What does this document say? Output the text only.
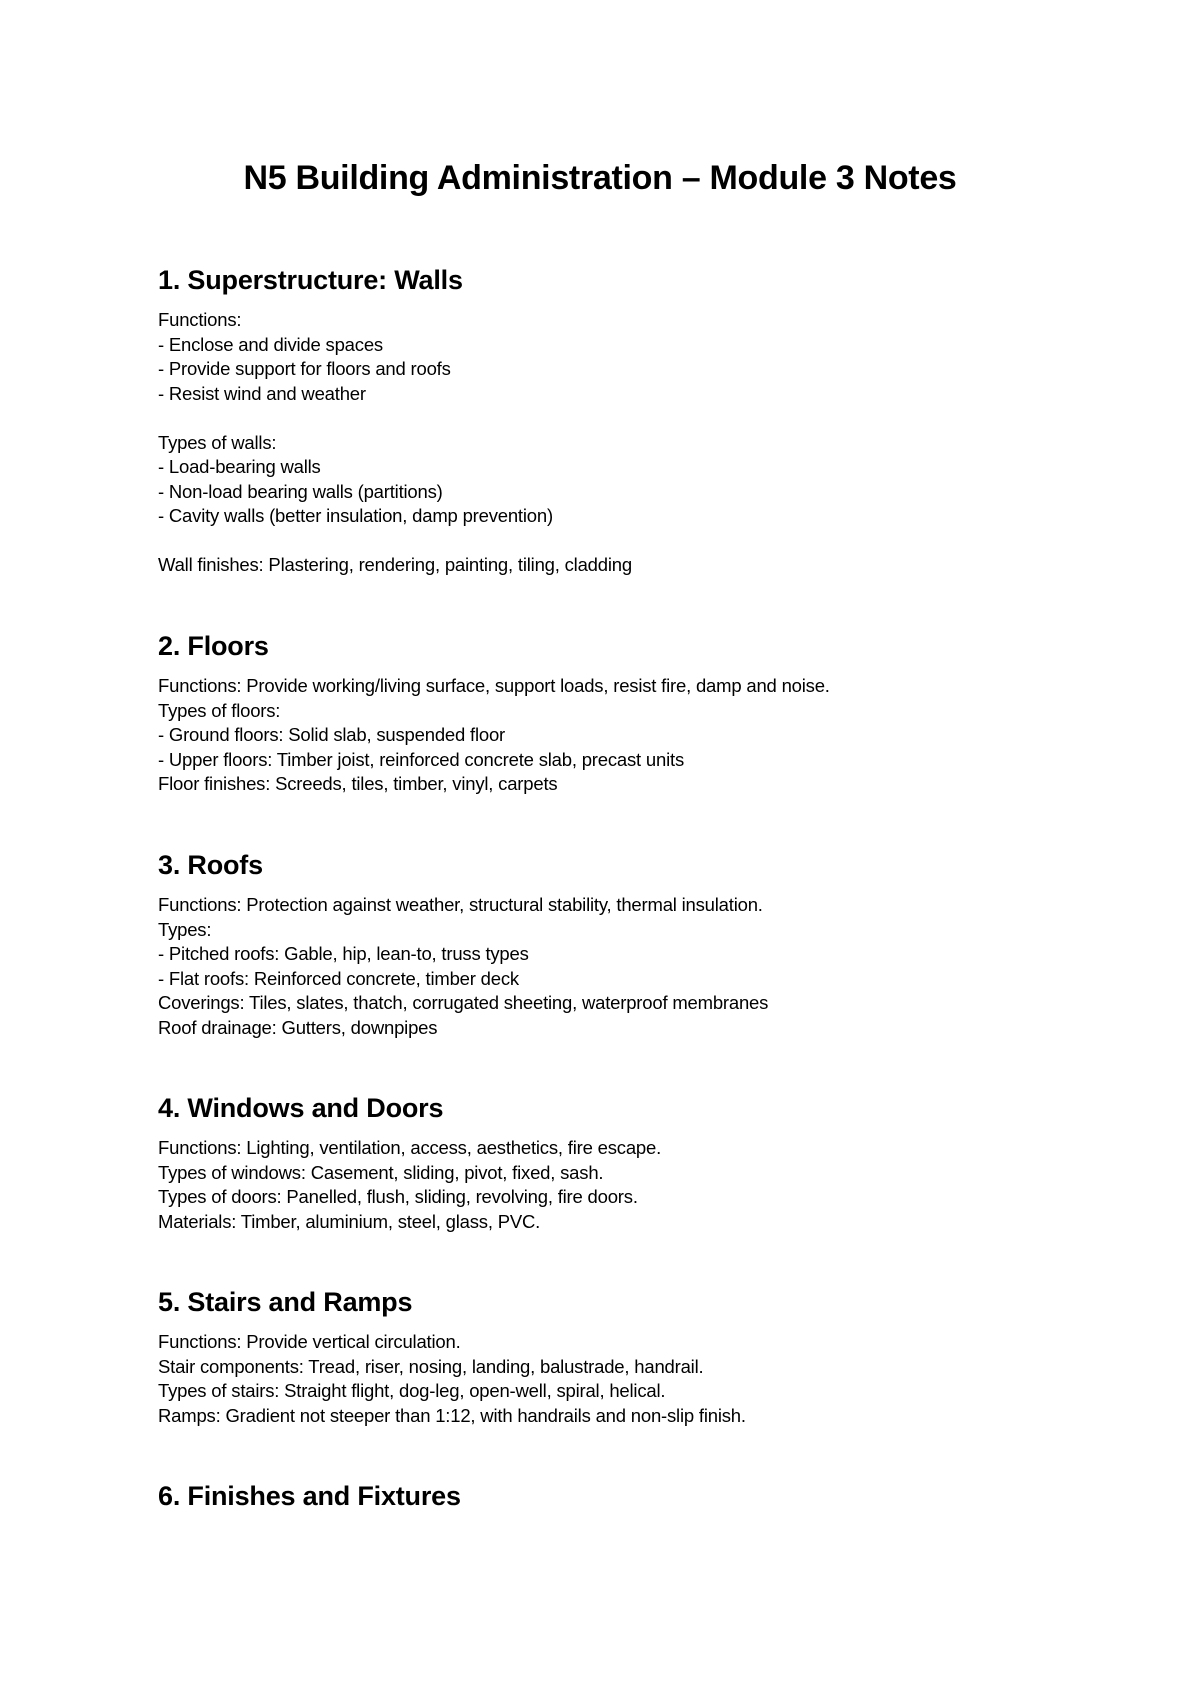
N5 Building Administration – Module 3 Notes
1. Superstructure: Walls
Functions:
- Enclose and divide spaces
- Provide support for floors and roofs
- Resist wind and weather
Types of walls:
- Load-bearing walls
- Non-load bearing walls (partitions)
- Cavity walls (better insulation, damp prevention)
Wall finishes: Plastering, rendering, painting, tiling, cladding
2. Floors
Functions: Provide working/living surface, support loads, resist fire, damp and noise.
Types of floors:
- Ground floors: Solid slab, suspended floor
- Upper floors: Timber joist, reinforced concrete slab, precast units
Floor finishes: Screeds, tiles, timber, vinyl, carpets
3. Roofs
Functions: Protection against weather, structural stability, thermal insulation.
Types:
- Pitched roofs: Gable, hip, lean-to, truss types
- Flat roofs: Reinforced concrete, timber deck
Coverings: Tiles, slates, thatch, corrugated sheeting, waterproof membranes
Roof drainage: Gutters, downpipes
4. Windows and Doors
Functions: Lighting, ventilation, access, aesthetics, fire escape.
Types of windows: Casement, sliding, pivot, fixed, sash.
Types of doors: Panelled, flush, sliding, revolving, fire doors.
Materials: Timber, aluminium, steel, glass, PVC.
5. Stairs and Ramps
Functions: Provide vertical circulation.
Stair components: Tread, riser, nosing, landing, balustrade, handrail.
Types of stairs: Straight flight, dog-leg, open-well, spiral, helical.
Ramps: Gradient not steeper than 1:12, with handrails and non-slip finish.
6. Finishes and Fixtures
